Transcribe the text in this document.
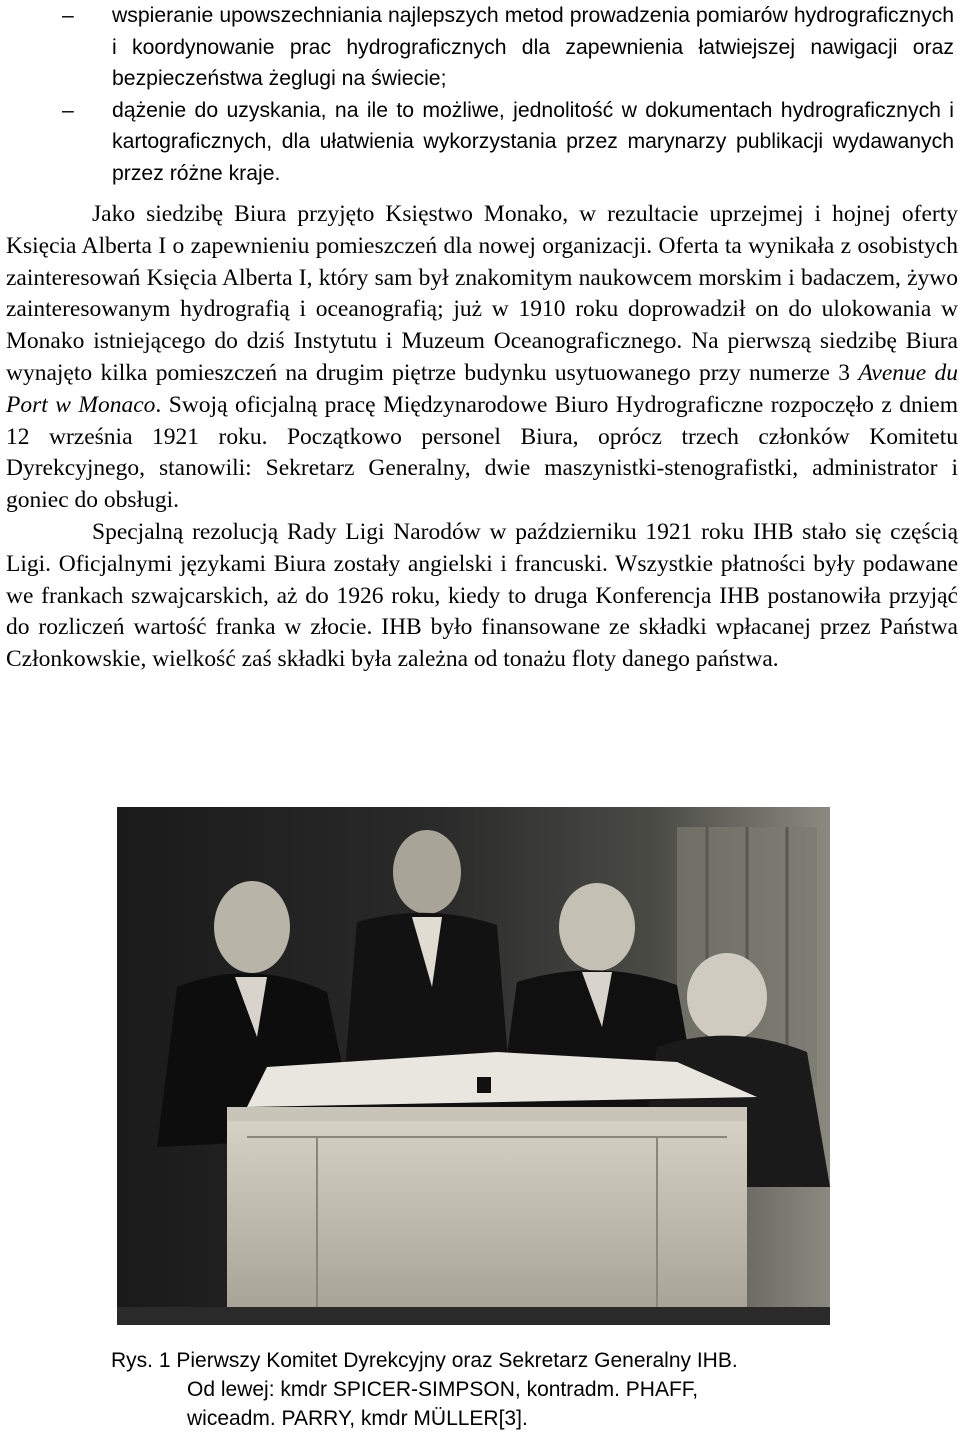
– wspieranie upowszechniania najlepszych metod prowadzenia pomiarów hydrograficznych i koordynowanie prac hydrograficznych dla zapewnienia łatwiejszej nawigacji oraz bezpieczeństwa żeglugi na świecie;
– dążenie do uzyskania, na ile to możliwe, jednolitość w dokumentach hydrograficznych i kartograficznych, dla ułatwienia wykorzystania przez marynarzy publikacji wydawanych przez różne kraje.

Jako siedzibę Biura przyjęto Księstwo Monako, w rezultacie uprzejmej i hojnej oferty Księcia Alberta I o zapewnieniu pomieszczeń dla nowej organizacji. Oferta ta wynikała z osobistych zainteresowań Księcia Alberta I, który sam był znakomitym naukowcem morskim i badaczem, żywo zainteresowanym hydrografią i oceanografią; już w 1910 roku doprowadził on do ulokowania w Monako istniejącego do dziś Instytutu i Muzeum Oceanograficznego. Na pierwszą siedzibę Biura wynajęto kilka pomieszczeń na drugim piętrze budynku usytuowanego przy numerze 3 Avenue du Port w Monaco. Swoją oficjalną pracę Międzynarodowe Biuro Hydrograficzne rozpoczęło z dniem 12 września 1921 roku. Początkowo personel Biura, oprócz trzech członków Komitetu Dyrekcyjnego, stanowili: Sekretarz Generalny, dwie maszynistki-stenografistki, administrator i goniec do obsługi.

Specjalną rezolucją Rady Ligi Narodów w październiku 1921 roku IHB stało się częścią Ligi. Oficjalnymi językami Biura zostały angielski i francuski. Wszystkie płatności były podawane we frankach szwajcarskich, aż do 1926 roku, kiedy to druga Konferencja IHB postanowiła przyjąć do rozliczeń wartość franka w złocie. IHB było finansowane ze składki wpłacanej przez Państwa Członkowskie, wielkość zaś składki była zależna od tonażu floty danego państwa.

Rys. 1 Pierwszy Komitet Dyrekcyjny oraz Sekretarz Generalny IHB.
Od lewej: kmdr SPICER-SIMPSON, kontradm. PHAFF,
wiceadm. PARRY, kmdr MÜLLER[3].
